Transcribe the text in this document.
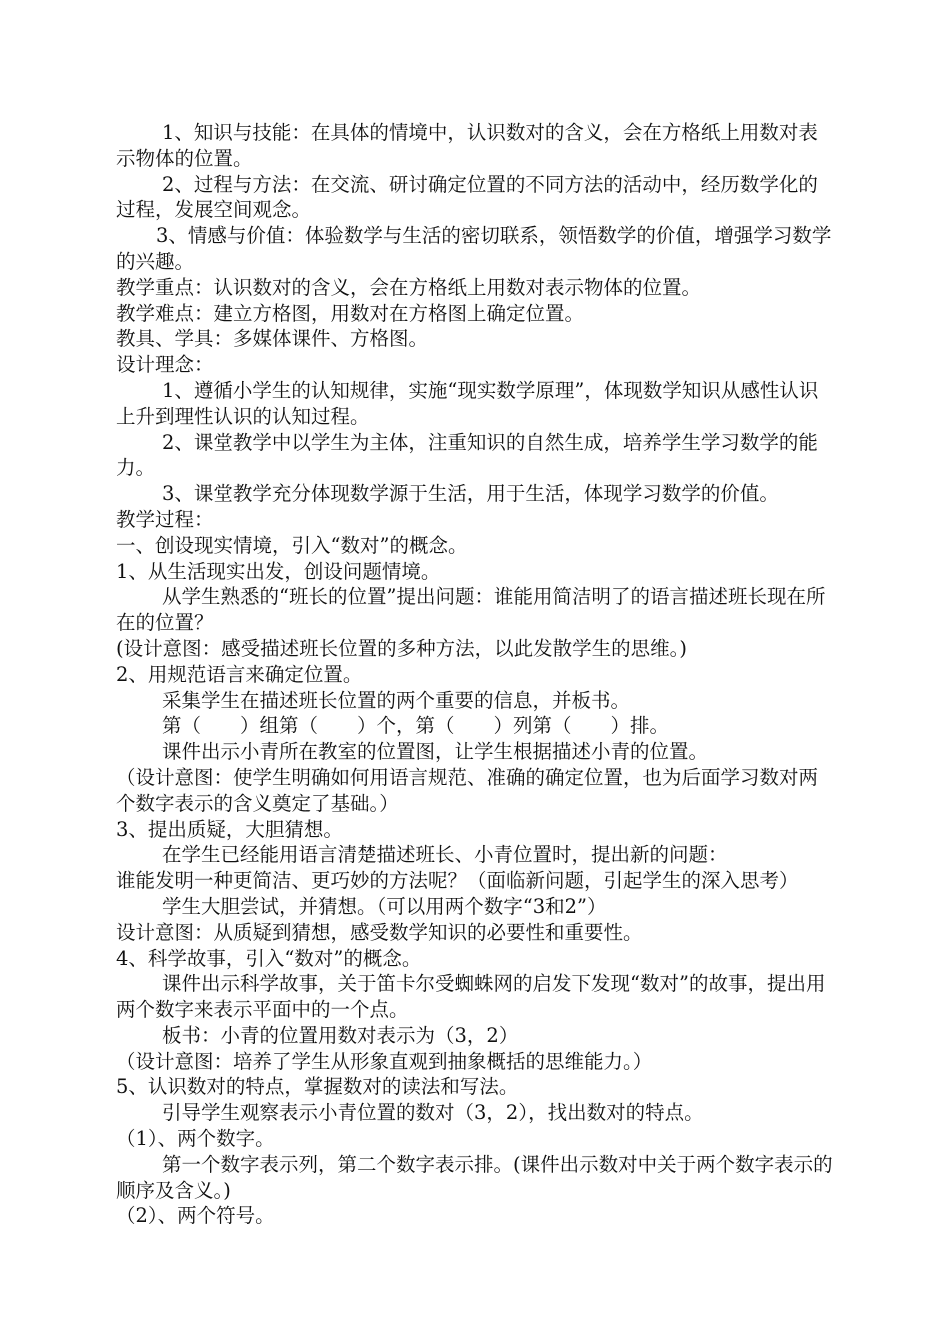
1、知识与技能：在具体的情境中，认识数对的含义，会在方格纸上用数对表示物体的位置。

2、过程与方法：在交流、研讨确定位置的不同方法的活动中，经历数学化的过程，发展空间观念。

3、情感与价值：体验数学与生活的密切联系，领悟数学的价值，增强学习数学的兴趣。

教学重点：认识数对的含义，会在方格纸上用数对表示物体的位置。

教学难点：建立方格图，用数对在方格图上确定位置。

教具、学具：多媒体课件、方格图。

设计理念：

1、遵循小学生的认知规律，实施“现实数学原理”，体现数学知识从感性认识上升到理性认识的认知过程。

2、课堂教学中以学生为主体，注重知识的自然生成，培养学生学习数学的能力。

3、课堂教学充分体现数学源于生活，用于生活，体现学习数学的价值。

教学过程：

一、创设现实情境，引入“数对”的概念。

1、从生活现实出发，创设问题情境。

从学生熟悉的“班长的位置”提出问题：谁能用简洁明了的语言描述班长现在所在的位置？

(设计意图：感受描述班长位置的多种方法，以此发散学生的思维。)

2、用规范语言来确定位置。

采集学生在描述班长位置的两个重要的信息，并板书。

第（　　）组第（　　）个，第（　　）列第（　　）排。

课件出示小青所在教室的位置图，让学生根据描述小青的位置。

（设计意图：使学生明确如何用语言规范、准确的确定位置，也为后面学习数对两个数字表示的含义奠定了基础。）

3、提出质疑，大胆猜想。

在学生已经能用语言清楚描述班长、小青位置时，提出新的问题：

谁能发明一种更简洁、更巧妙的方法呢？（面临新问题，引起学生的深入思考）

学生大胆尝试，并猜想。（可以用两个数字“3和2”）

设计意图：从质疑到猜想，感受数学知识的必要性和重要性。

4、科学故事，引入“数对”的概念。

课件出示科学故事，关于笛卡尔受蜘蛛网的启发下发现“数对”的故事，提出用两个数字来表示平面中的一个点。

板书：小青的位置用数对表示为（3，2）

（设计意图：培养了学生从形象直观到抽象概括的思维能力。）

5、认识数对的特点，掌握数对的读法和写法。

引导学生观察表示小青位置的数对（3，2），找出数对的特点。

（1）、两个数字。

第一个数字表示列，第二个数字表示排。(课件出示数对中关于两个数字表示的顺序及含义。)

（2）、两个符号。
